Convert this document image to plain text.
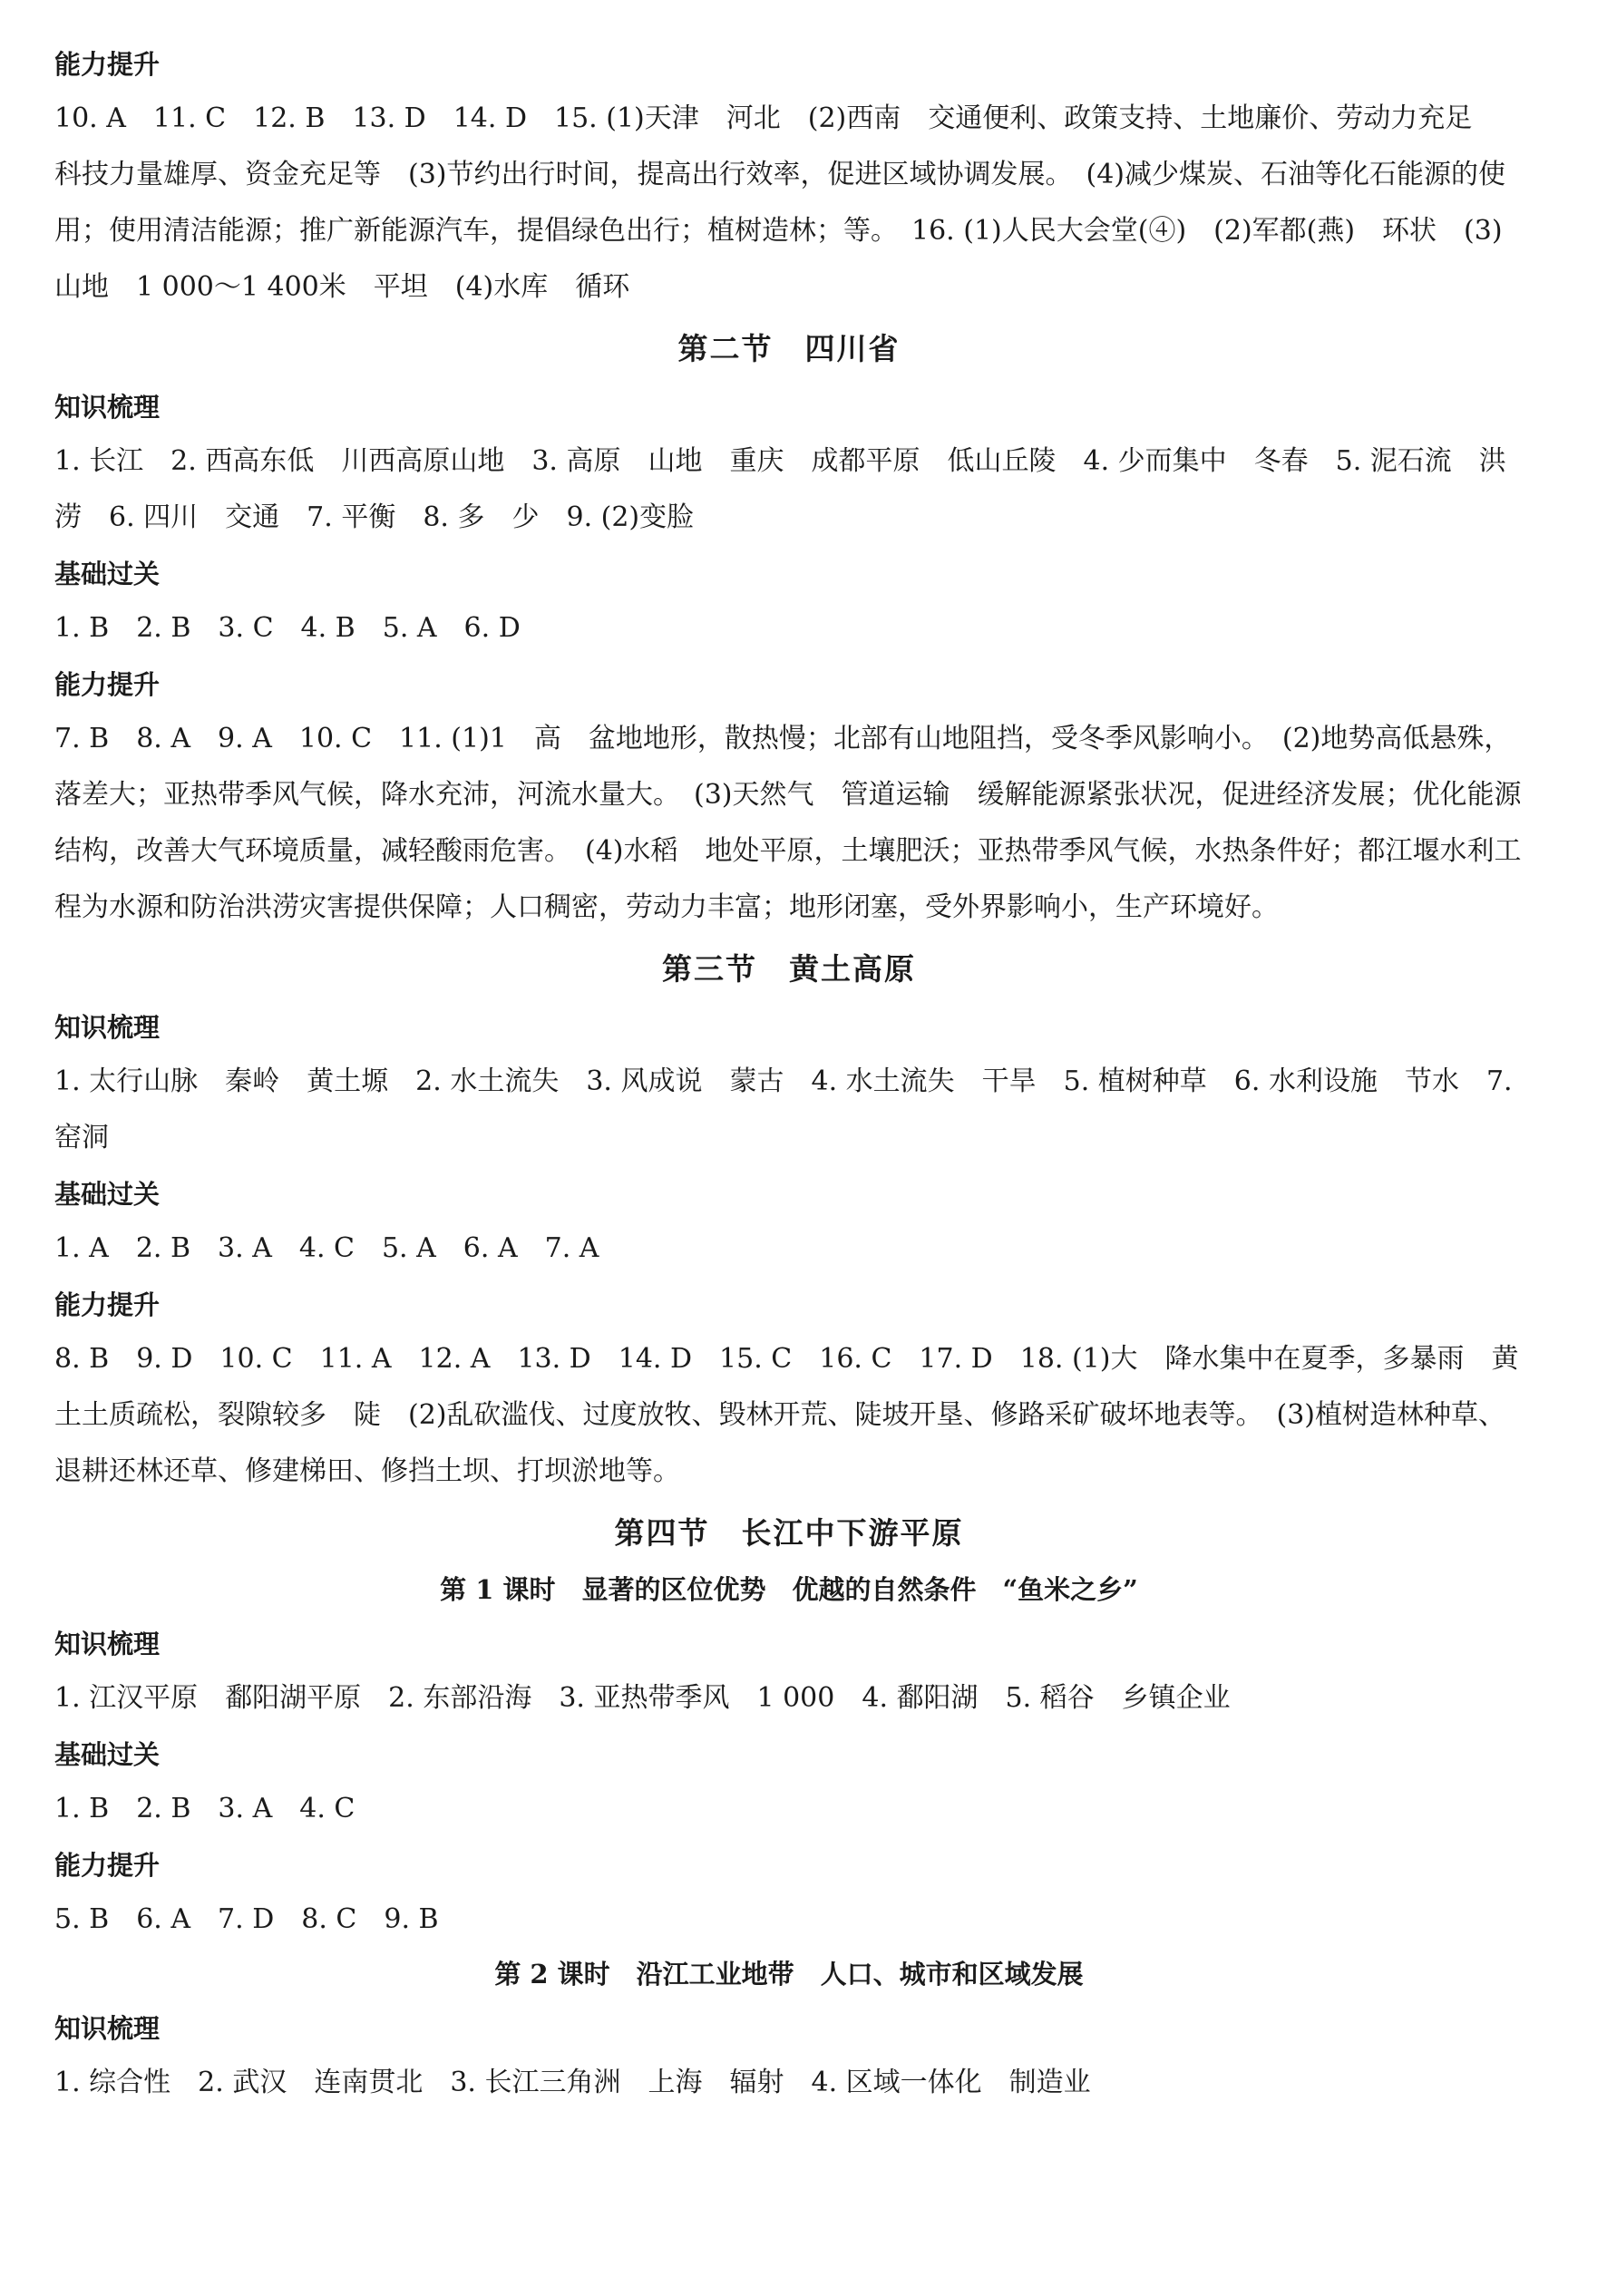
能力提升

10. A　11. C　12. B　13. D　14. D　15. (1)天津　河北　(2)西南　交通便利、政策支持、土地廉价、劳动力充足　科技力量雄厚、资金充足等　(3)节约出行时间，提高出行效率，促进区域协调发展。　(4)减少煤炭、石油等化石能源的使用；使用清洁能源；推广新能源汽车，提倡绿色出行；植树造林；等。　16. (1)人民大会堂(④)　(2)军都(燕)　环状　(3)山地　1 000～1 400米　平坦　(4)水库　循环

第二节　四川省
知识梳理

1. 长江　2. 西高东低　川西高原山地　3. 高原　山地　重庆　成都平原　低山丘陵　4. 少而集中　冬春　5. 泥石流　洪涝　6. 四川　交通　7. 平衡　8. 多　少　9. (2)变脸

基础过关

1. B　2. B　3. C　4. B　5. A　6. D

能力提升

7. B　8. A　9. A　10. C　11. (1)1　高　盆地地形，散热慢；北部有山地阻挡，受冬季风影响小。　(2)地势高低悬殊，落差大；亚热带季风气候，降水充沛，河流水量大。　(3)天然气　管道运输　缓解能源紧张状况，促进经济发展；优化能源结构，改善大气环境质量，减轻酸雨危害。　(4)水稻　地处平原，土壤肥沃；亚热带季风气候，水热条件好；都江堰水利工程为水源和防治洪涝灾害提供保障；人口稠密，劳动力丰富；地形闭塞，受外界影响小，生产环境好。

第三节　黄土高原
知识梳理

1. 太行山脉　秦岭　黄土塬　2. 水土流失　3. 风成说　蒙古　4. 水土流失　干旱　5. 植树种草　6. 水利设施　节水　7. 窑洞

基础过关

1. A　2. B　3. A　4. C　5. A　6. A　7. A

能力提升

8. B　9. D　10. C　11. A　12. A　13. D　14. D　15. C　16. C　17. D　18. (1)大　降水集中在夏季，多暴雨　黄土土质疏松，裂隙较多　陡　(2)乱砍滥伐、过度放牧、毁林开荒、陡坡开垦、修路采矿破坏地表等。　(3)植树造林种草、退耕还林还草、修建梯田、修挡土坝、打坝淤地等。

第四节　长江中下游平原
第 1 课时　显著的区位优势　优越的自然条件　“鱼米之乡”
知识梳理

1. 江汉平原　鄱阳湖平原　2. 东部沿海　3. 亚热带季风　1 000　4. 鄱阳湖　5. 稻谷　乡镇企业

基础过关

1. B　2. B　3. A　4. C

能力提升

5. B　6. A　7. D　8. C　9. B

第 2 课时　沿江工业地带　人口、城市和区域发展
知识梳理

1. 综合性　2. 武汉　连南贯北　3. 长江三角洲　上海　辐射　4. 区域一体化　制造业
